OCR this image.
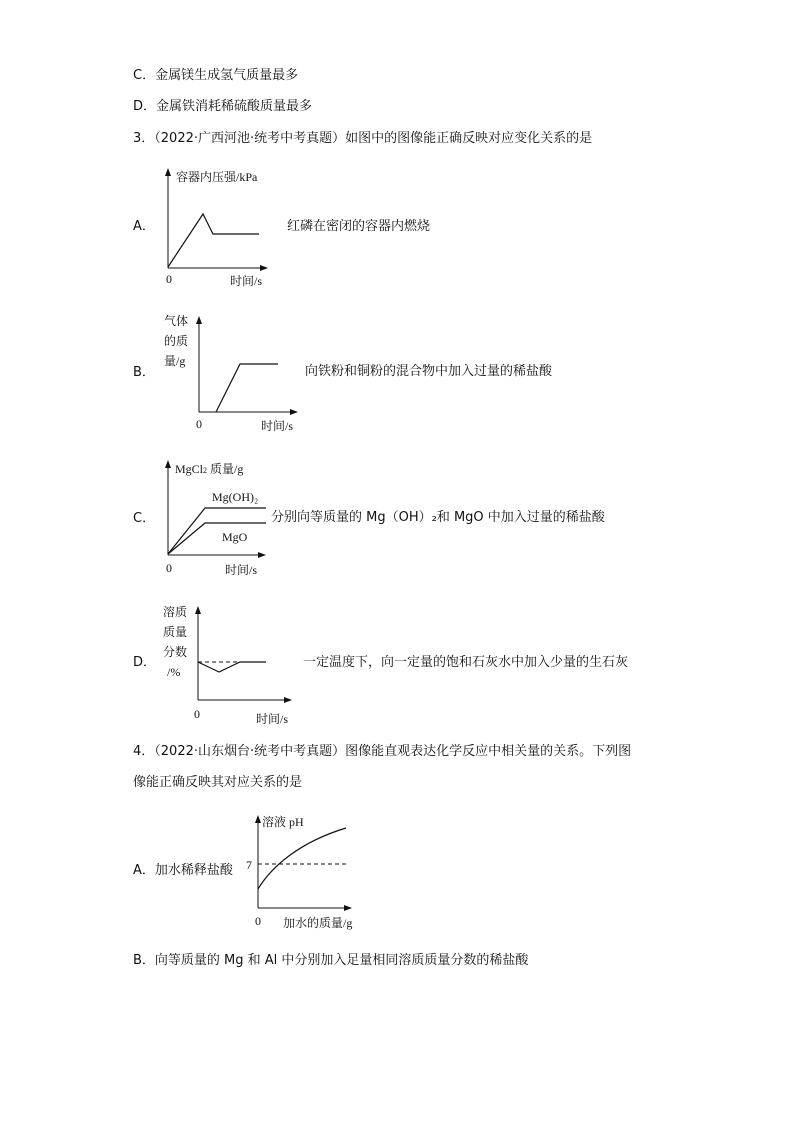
C．金属镁生成氢气质量最多
D．金属铁消耗稀硫酸质量最多
3．（2022·广西河池·统考中考真题）如图中的图像能正确反映对应变化关系的是
A．	红磷在密闭的容器内燃烧
容器内压强/kPa
0	时间/s
B．	向铁粉和铜粉的混合物中加入过量的稀盐酸
气体
的质
量/g
0	时间/s
C．	分别向等质量的 Mg（OH）₂和 MgO 中加入过量的稀盐酸
MgCl2 质量/g
Mg(OH)₂
MgO
0	时间/s
D．	一定温度下，向一定量的饱和石灰水中加入少量的生石灰
溶质
质量
分数
/%
0	时间/s
4．（2022·山东烟台·统考中考真题）图像能直观表达化学反应中相关量的关系。下列图
像能正确反映其对应关系的是
A．加水稀释盐酸
溶液 pH
7
0 加水的质量/g
B．向等质量的 Mg 和 Al 中分别加入足量相同溶质质量分数的稀盐酸
